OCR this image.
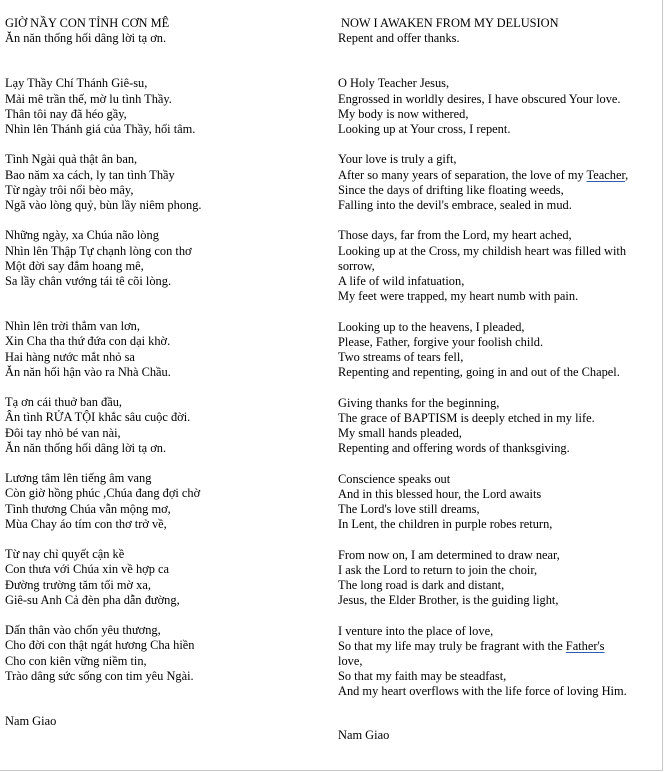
GIỜ NẦY CON TỈNH CƠN MÊ
Ăn năn thống hối dâng lời tạ ơn.
Lạy Thầy Chí Thánh Giê-su,
Mải mê trần thế, mờ lu tình Thầy.
Thân tôi nay đã héo gầy,
Nhìn lên Thánh giá của Thầy, hối tâm.
Tình Ngài quả thật ân ban,
Bao năm xa cách, ly tan tình Thầy
Từ ngày trôi nổi bèo mây,
Ngã vào lòng quỷ, bùn lầy niêm phong.
Những ngày, xa Chúa não lòng
Nhìn lên Thập Tự chạnh lòng con thơ
Một đời say đắm hoang mê,
Sa lầy chân vướng tái tê cõi lòng.
Nhìn lên trời thẳm van lơn,
Xin Cha tha thứ đứa con dại khờ.
Hai hàng nước mắt nhỏ sa
Ăn năn hối hận vào ra Nhà Chầu.
Tạ ơn cái thuở ban đầu,
Ân tình RỬA TỘI khắc sâu cuộc đời.
Đôi tay nhỏ bé van nài,
Ăn năn thống hối dâng lời tạ ơn.
Lương tâm lên tiếng âm vang
Còn giờ hồng phúc ,Chúa đang đợi chờ
Tình thương Chúa vẫn mộng mơ,
Mùa Chay áo tím con thơ trở về,
Từ nay chỉ quyết cận kề
Con thưa với Chúa xin về hợp ca
Đường trường tăm tối mờ xa,
Giê-su Anh Cả đèn pha dẫn đường,
Dấn thân vào chốn yêu thương,
Cho đời con thật ngát hương Cha hiền
Cho con kiên vững niềm tin,
Trào dâng sức sống con tim yêu Ngài.
Nam Giao
NOW I AWAKEN FROM MY DELUSION
Repent and offer thanks.
O Holy Teacher Jesus,
Engrossed in worldly desires, I have obscured Your love.
My body is now withered,
Looking up at Your cross, I repent.
Your love is truly a gift,
After so many years of separation, the love of my Teacher,
Since the days of drifting like floating weeds,
Falling into the devil's embrace, sealed in mud.
Those days, far from the Lord, my heart ached,
Looking up at the Cross, my childish heart was filled with
sorrow,
A life of wild infatuation,
My feet were trapped, my heart numb with pain.
Looking up to the heavens, I pleaded,
Please, Father, forgive your foolish child.
Two streams of tears fell,
Repenting and repenting, going in and out of the Chapel.
Giving thanks for the beginning,
The grace of BAPTISM is deeply etched in my life.
My small hands pleaded,
Repenting and offering words of thanksgiving.
Conscience speaks out
And in this blessed hour, the Lord awaits
The Lord's love still dreams,
In Lent, the children in purple robes return,
From now on, I am determined to draw near,
I ask the Lord to return to join the choir,
The long road is dark and distant,
Jesus, the Elder Brother, is the guiding light,
I venture into the place of love,
So that my life may truly be fragrant with the Father's
love,
So that my faith may be steadfast,
And my heart overflows with the life force of loving Him.
Nam Giao
